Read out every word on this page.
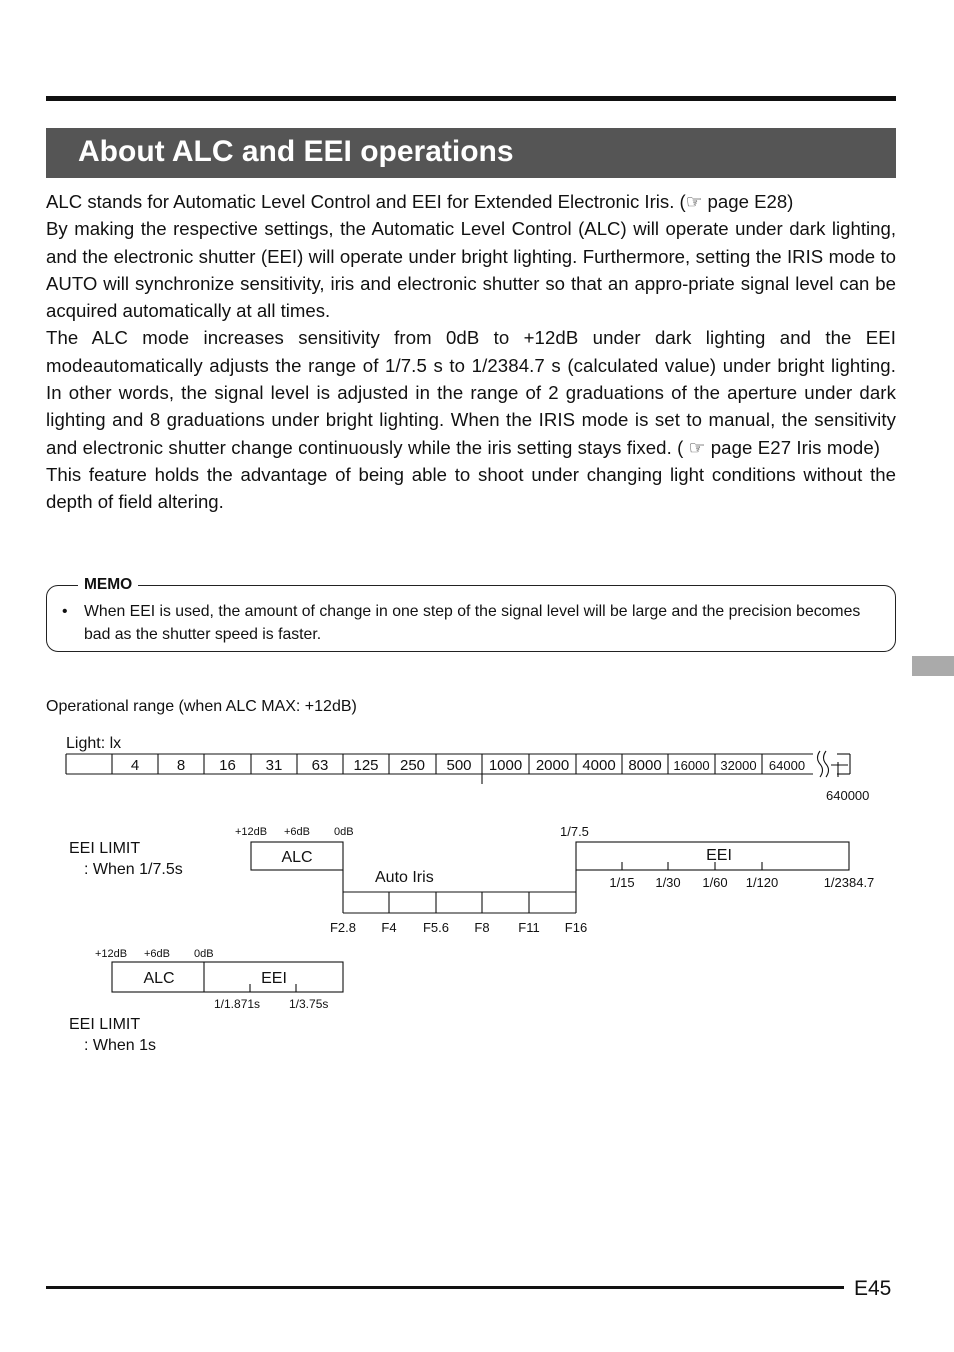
About ALC and EEI operations

ALC stands for Automatic Level Control and EEI for Extended Electronic Iris. (☞ page E28)

By making the respective settings, the Automatic Level Control (ALC) will operate under dark lighting, and the electronic shutter (EEI) will operate under bright lighting. Furthermore, setting the IRIS mode to AUTO will synchronize sensitivity, iris and electronic shutter so that an appro-priate signal level can be acquired automatically at all times.

The ALC mode increases sensitivity from 0dB to +12dB under dark lighting and the EEI modeautomatically adjusts the range of 1/7.5 s to 1/2384.7 s (calculated value) under bright lighting. In other words, the signal level is adjusted in the range of 2 graduations of the aperture under dark lighting and 8 graduations under bright lighting. When the IRIS mode is set to manual, the sensitivity and electronic shutter change continuously while the iris setting stays fixed. ( ☞ page E27 Iris mode)

This feature holds the advantage of being able to shoot under changing light conditions without the depth of field altering.

MEMO
•	When EEI is used, the amount of change in one step of the signal level will be large and the precision becomes bad as the shutter speed is faster.
Operational range (when ALC MAX: +12dB)
Light: lx
4	8 16 31 63 125 250 500 1000 2000 4000 8000 16000 32000 64000
640000
EEI LIMIT
: When 1/7.5s
+12dB +6dB 0dB	1/7.5
ALC
Auto Iris
EEI
1/15 1/30 1/60 1/120	1/2384.7
F2.8 F4 F5.6 F8 F11 F16
+12dB +6dB 0dB
ALC	EEI
1/1.871s 1/3.75s
EEI LIMIT
: When 1s
E45
